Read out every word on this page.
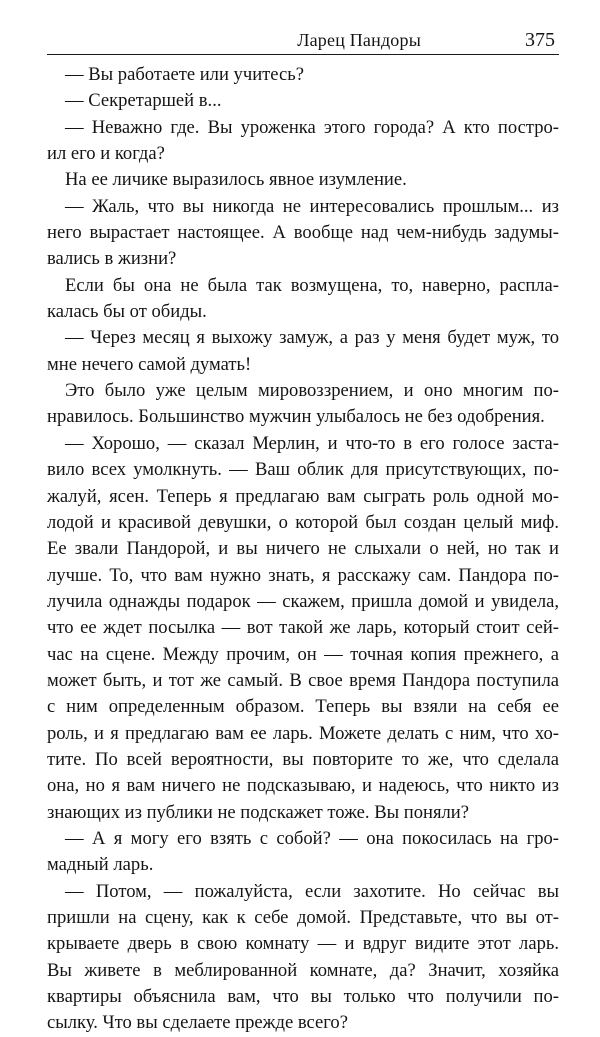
Ларец Пандоры	375
— Вы работаете или учитесь?
— Секретаршей в...
— Неважно где. Вы уроженка этого города? А кто постро-
ил его и когда?
На ее личике выразилось явное изумление.
— Жаль, что вы никогда не интересовались прошлым... из
него вырастает настоящее. А вообще над чем-нибудь задумы-
вались в жизни?
Если бы она не была так возмущена, то, наверно, распла-
калась бы от обиды.
— Через месяц я выхожу замуж, а раз у меня будет муж, то
мне нечего самой думать!
Это было уже целым мировоззрением, и оно многим по-
нравилось. Большинство мужчин улыбалось не без одобрения.
— Хорошо, — сказал Мерлин, и что-то в его голосе заста-
вило всех умолкнуть. — Ваш облик для присутствующих, по-
жалуй, ясен. Теперь я предлагаю вам сыграть роль одной мо-
лодой и красивой девушки, о которой был создан целый миф.
Ее звали Пандорой, и вы ничего не слыхали о ней, но так и
лучше. То, что вам нужно знать, я расскажу сам. Пандора по-
лучила однажды подарок — скажем, пришла домой и увидела,
что ее ждет посылка — вот такой же ларь, который стоит сей-
час на сцене. Между прочим, он — точная копия прежнего, а
может быть, и тот же самый. В свое время Пандора поступила
с ним определенным образом. Теперь вы взяли на себя ее
роль, и я предлагаю вам ее ларь. Можете делать с ним, что хо-
тите. По всей вероятности, вы повторите то же, что сделала
она, но я вам ничего не подсказываю, и надеюсь, что никто из
знающих из публики не подскажет тоже. Вы поняли?
— А я могу его взять с собой? — она покосилась на гро-
мадный ларь.
— Потом, — пожалуйста, если захотите. Но сейчас вы
пришли на сцену, как к себе домой. Представьте, что вы от-
крываете дверь в свою комнату — и вдруг видите этот ларь.
Вы живете в меблированной комнате, да? Значит, хозяйка
квартиры объяснила вам, что вы только что получили по-
сылку. Что вы сделаете прежде всего?
